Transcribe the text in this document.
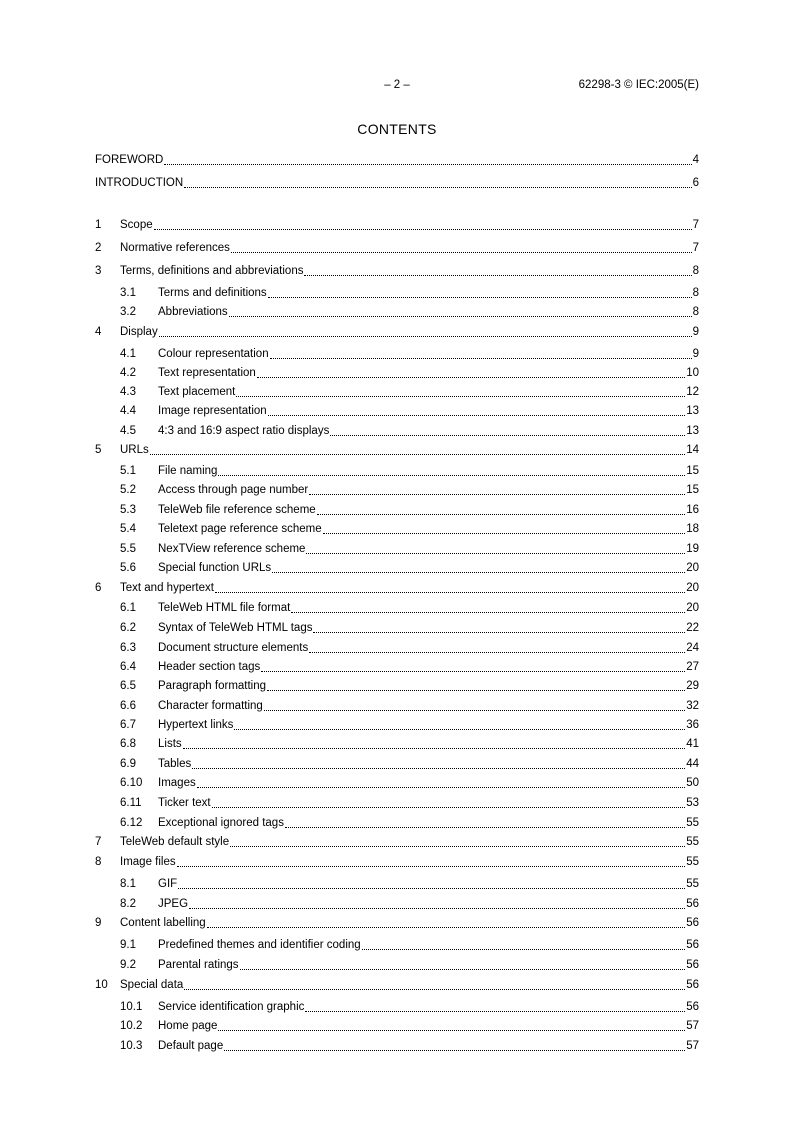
– 2 –	62298-3 © IEC:2005(E)
CONTENTS
FOREWORD	4
INTRODUCTION	6
1	Scope	7
2	Normative references	7
3	Terms, definitions and abbreviations	8
3.1	Terms and definitions	8
3.2	Abbreviations	8
4	Display	9
4.1	Colour representation	9
4.2	Text representation	10
4.3	Text placement	12
4.4	Image representation	13
4.5	4:3 and 16:9 aspect ratio displays	13
5	URLs	14
5.1	File naming	15
5.2	Access through page number	15
5.3	TeleWeb file reference scheme	16
5.4	Teletext page reference scheme	18
5.5	NexTView reference scheme	19
5.6	Special function URLs	20
6	Text and hypertext	20
6.1	TeleWeb HTML file format	20
6.2	Syntax of TeleWeb HTML tags	22
6.3	Document structure elements	24
6.4	Header section tags	27
6.5	Paragraph formatting	29
6.6	Character formatting	32
6.7	Hypertext links	36
6.8	Lists	41
6.9	Tables	44
6.10	Images	50
6.11	Ticker text	53
6.12	Exceptional ignored tags	55
7	TeleWeb default style	55
8	Image files	55
8.1	GIF	55
8.2	JPEG	56
9	Content labelling	56
9.1	Predefined themes and identifier coding	56
9.2	Parental ratings	56
10	Special data	56
10.1	Service identification graphic	56
10.2	Home page	57
10.3	Default page	57
